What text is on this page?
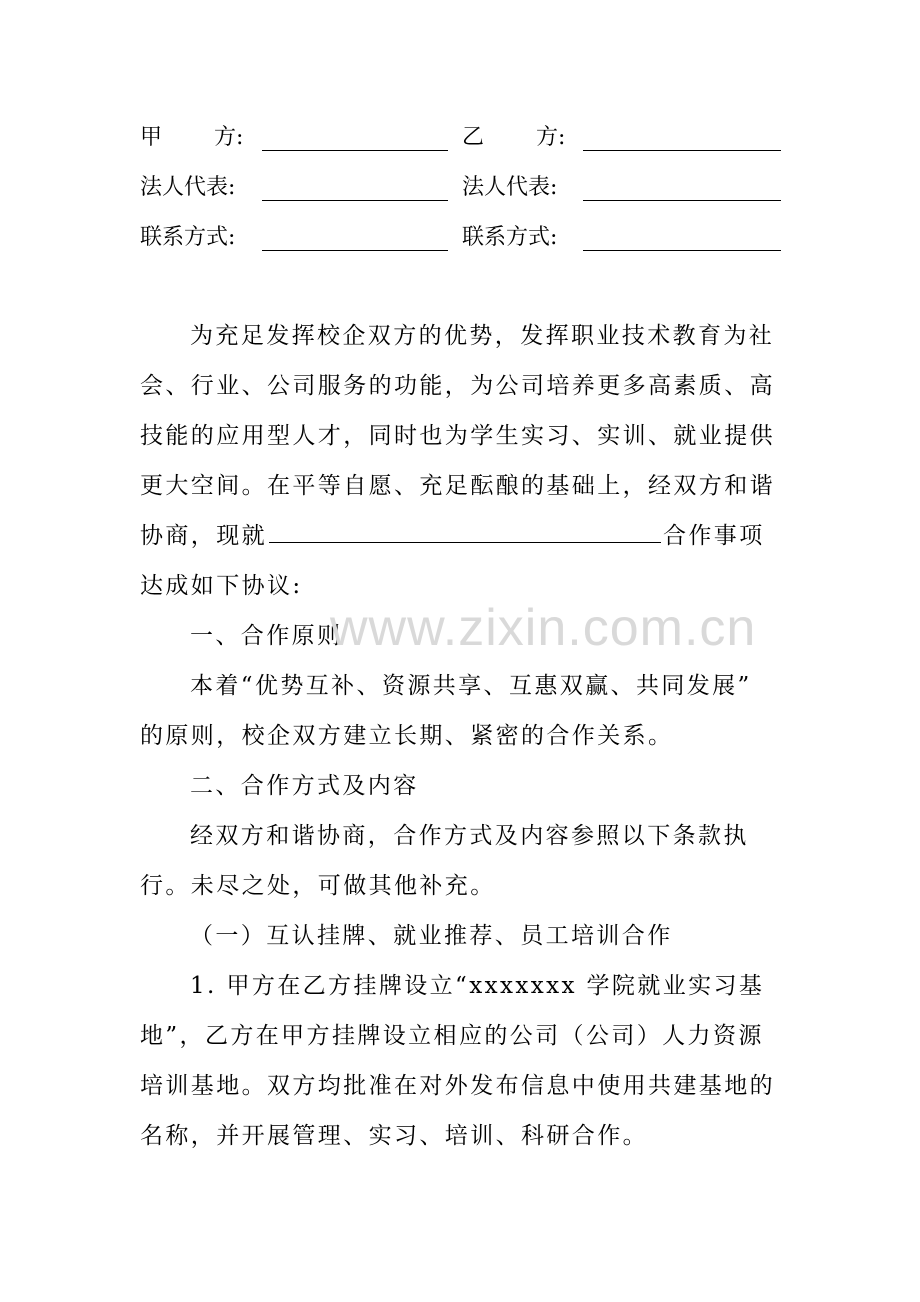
甲 方:	乙 方:
法人代表:	法人代表:
联系方式:	联系方式:
为充足发挥校企双方的优势，发挥职业技术教育为社
会、行业、公司服务的功能，为公司培养更多高素质、高
技能的应用型人才，同时也为学生实习、实训、就业提供
更大空间。在平等自愿、充足酝酿的基础上，经双方和谐
协商，现就	合作事项
达成如下协议:
一、合作原则
本着“优势互补、资源共享、互惠双赢、共同发展”
的原则，校企双方建立长期、紧密的合作关系。
二、合作方式及内容
经双方和谐协商，合作方式及内容参照以下条款执
行。未尽之处，可做其他补充。
（一）互认挂牌、就业推荐、员工培训合作
1. 甲方在乙方挂牌设立“xxxxxxx 学院就业实习基
地”，乙方在甲方挂牌设立相应的公司（公司）人力资源
培训基地。双方均批准在对外发布信息中使用共建基地的
名称，并开展管理、实习、培训、科研合作。
www.zixin.com.cn
